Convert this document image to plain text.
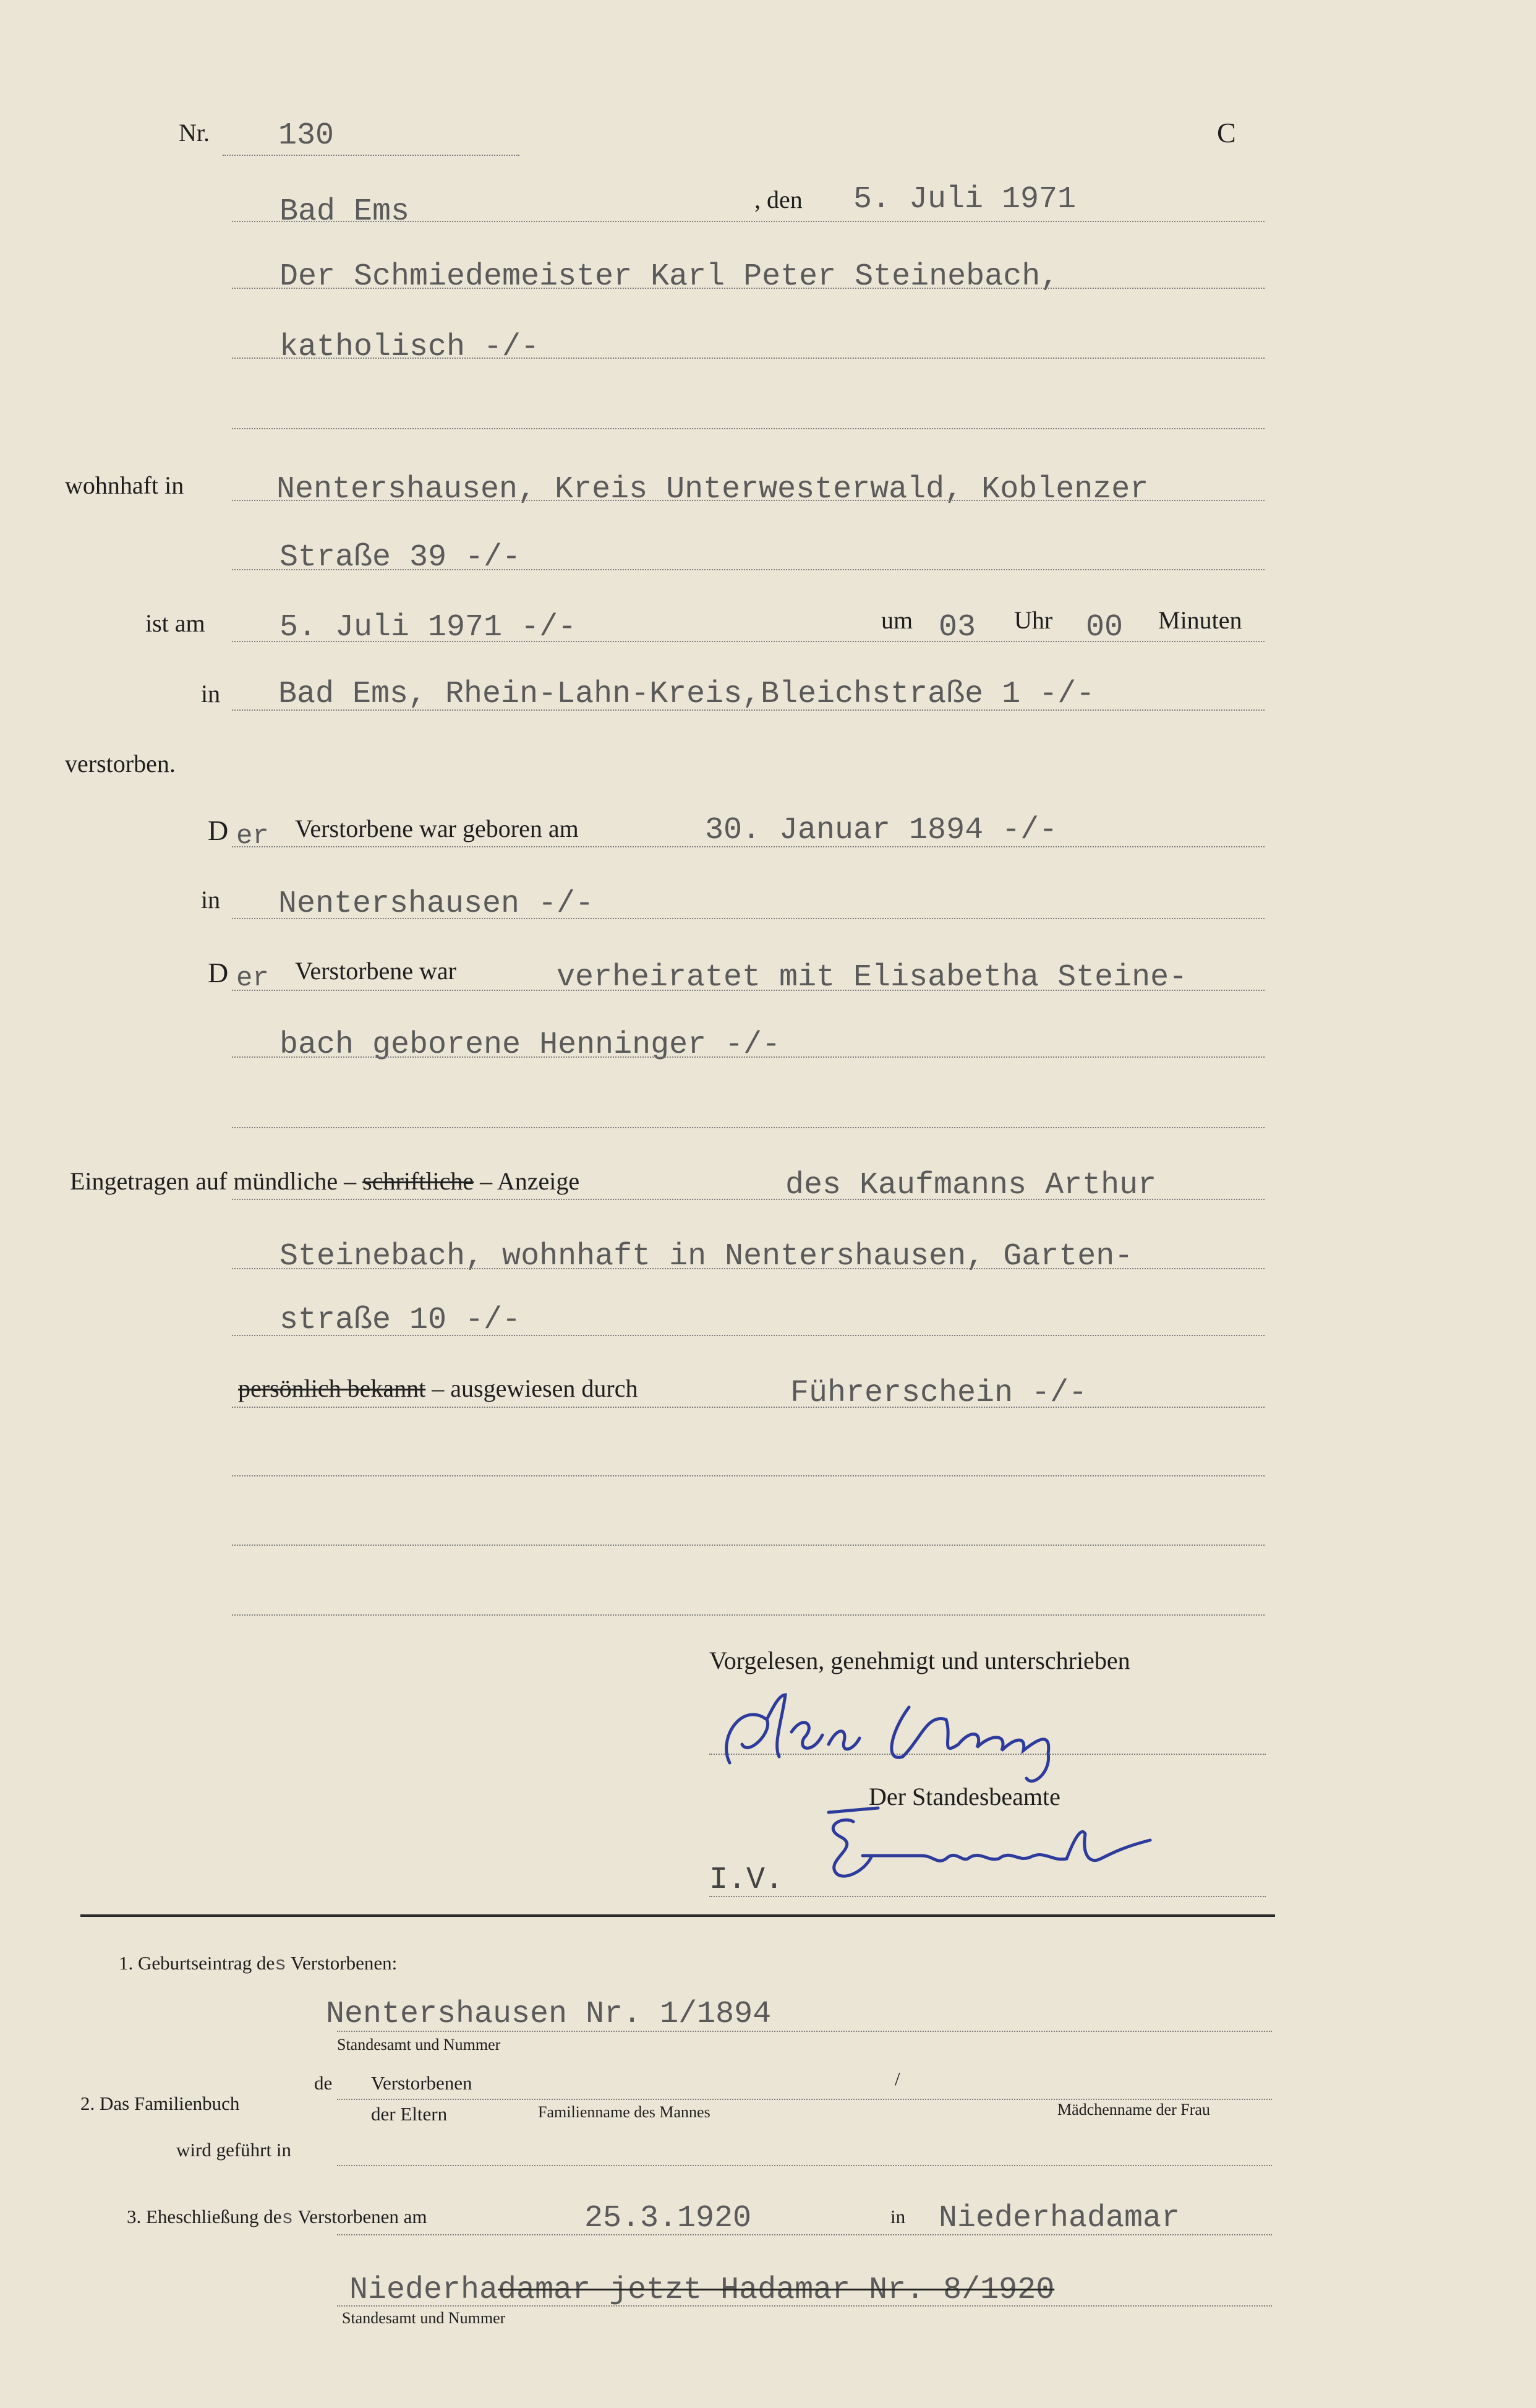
Nr. 130	C
Bad Ems	, den 5. Juli 1971
Der Schmiedemeister Karl Peter Steinebach,
katholisch -/-
wohnhaft in	Nentershausen, Kreis Unterwesterwald, Koblenzer
Straße 39 -/-
ist am 5. Juli 1971 -/-	um 03 Uhr 00 Minuten
in Bad Ems, Rhein-Lahn-Kreis,Bleichstraße 1 -/-
verstorben.
D er Verstorbene war geboren am	30. Januar 1894 -/-
in Nentershausen -/-
D er Verstorbene war	verheiratet mit Elisabetha Steine-
bach geborene Henninger -/-
Eingetragen auf mündliche – schriftliche – Anzeige	des Kaufmanns Arthur
Steinebach, wohnhaft in Nentershausen, Garten-
straße 10 -/-
persönlich bekannt – ausgewiesen durch	Führerschein -/-
Vorgelesen, genehmigt und unterschrieben
Der Standesbeamte
I.V.
1. Geburtseintrag des Verstorbenen:
Nentershausen Nr. 1/1894
Standesamt und Nummer
2. Das Familienbuch
de Verstorbenen	/
der Eltern	Familienname des Mannes	Mädchenname der Frau
wird geführt in
3. Eheschließung des Verstorbenen am	25.3.1920	in Niederhadamar
Niederhadamar jetzt Hadamar Nr. 8/1920
Standesamt und Nummer
